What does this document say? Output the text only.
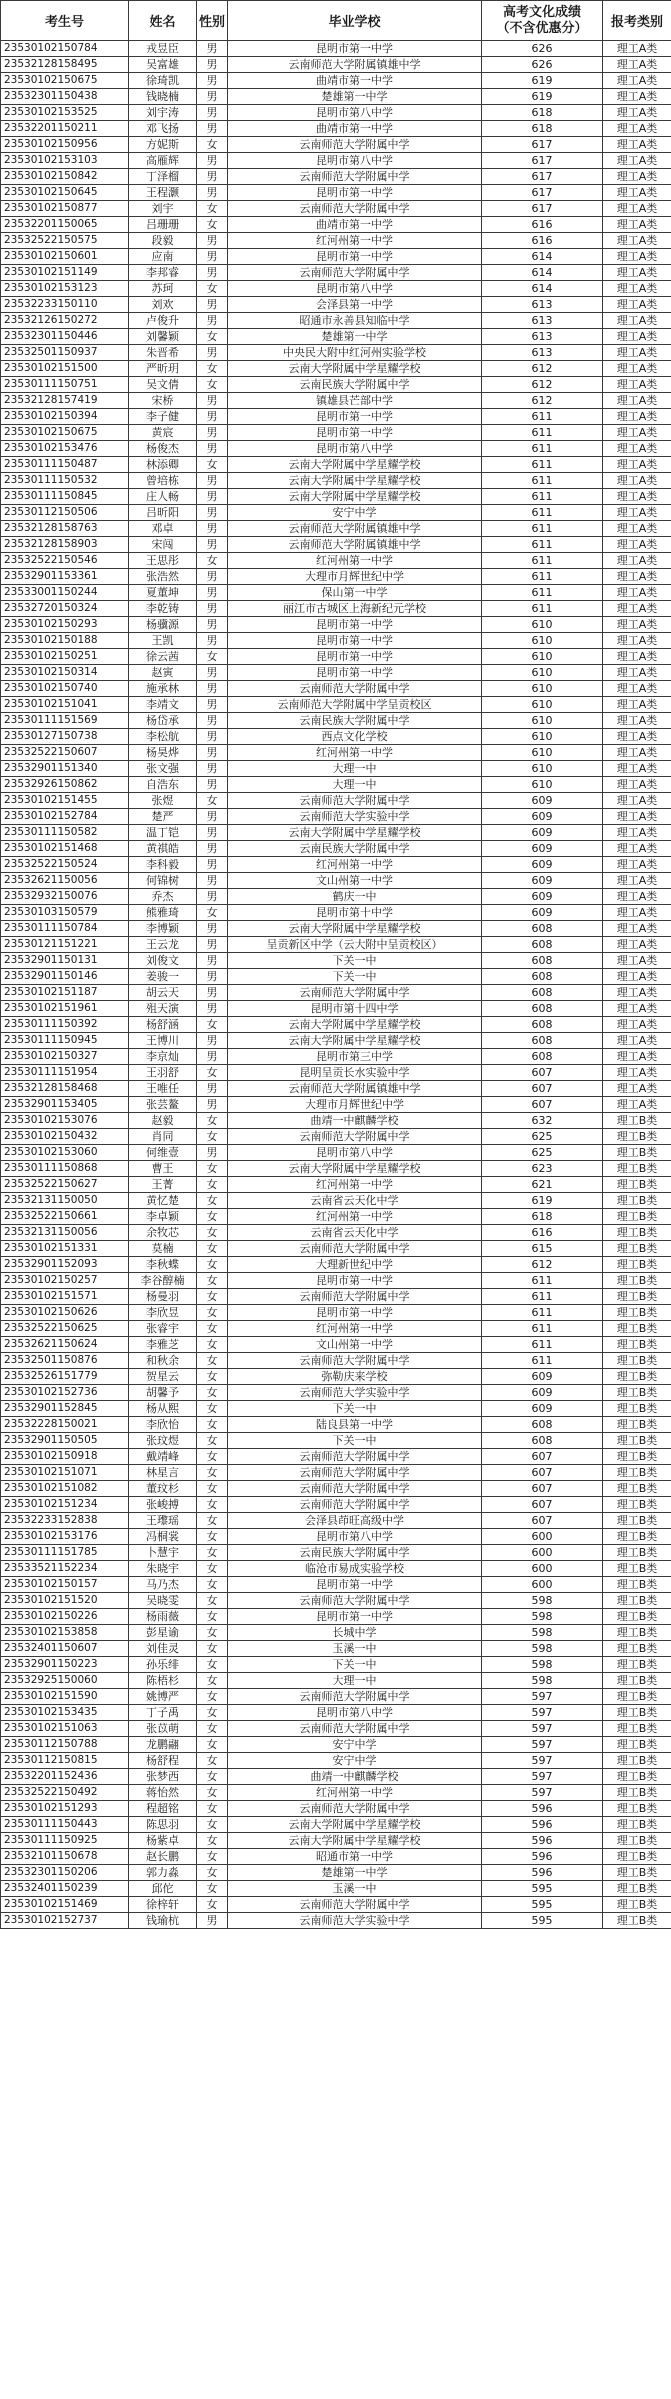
考生号	姓名	性别	毕业学校	高考文化成绩
（不含优惠分）	报考类别
23530102150784	戎昱臣	男	昆明市第一中学	626	理工A类
23532128158495	吴富雄	男	云南师范大学附属镇雄中学	626	理工A类
23530102150675	徐琦凯	男	曲靖市第一中学	619	理工A类
23532301150438	钱晓楠	男	楚雄第一中学	619	理工A类
23530102153525	刘宇涛	男	昆明市第八中学	618	理工A类
23532201150211	邓飞扬	男	曲靖市第一中学	618	理工A类
23530102150956	方妮斯	女	云南师范大学附属中学	617	理工A类
23530102153103	高雁辉	男	昆明市第八中学	617	理工A类
23530102150842	丁泽榴	男	云南师范大学附属中学	617	理工A类
23530102150645	王程灏	男	昆明市第一中学	617	理工A类
23530102150877	刘宇	女	云南师范大学附属中学	617	理工A类
23532201150065	吕珊珊	女	曲靖市第一中学	616	理工A类
23532522150575	段毅	男	红河州第一中学	616	理工A类
23530102150601	应南	男	昆明市第一中学	614	理工A类
23530102151149	李邦睿	男	云南师范大学附属中学	614	理工A类
23530102153123	苏珂	女	昆明市第八中学	614	理工A类
23532233150110	刘欢	男	会泽县第一中学	613	理工A类
23532126150272	卢俊升	男	昭通市永善县知临中学	613	理工A类
23532301150446	刘馨颖	女	楚雄第一中学	613	理工A类
23532501150937	朱晋希	男	中央民大附中红河州实验学校	613	理工A类
23530102151500	严昕玥	女	云南大学附属中学星耀学校	612	理工A类
23530111150751	吴文倩	女	云南民族大学附属中学	612	理工A类
23532128157419	宋桥	男	镇雄县芒部中学	612	理工A类
23530102150394	李子健	男	昆明市第一中学	611	理工A类
23530102150675	黄宸	男	昆明市第一中学	611	理工A类
23530102153476	杨俊杰	男	昆明市第八中学	611	理工A类
23530111150487	林添卿	女	云南大学附属中学星耀学校	611	理工A类
23530111150532	曾培栋	男	云南大学附属中学星耀学校	611	理工A类
23530111150845	庄人畅	男	云南大学附属中学星耀学校	611	理工A类
23530112150506	吕昕阳	男	安宁中学	611	理工A类
23532128158763	邓卓	男	云南师范大学附属镇雄中学	611	理工A类
23532128158903	宋闯	男	云南师范大学附属镇雄中学	611	理工A类
23532522150546	王思彤	女	红河州第一中学	611	理工A类
23532901153361	张浩然	男	大理市月辉世纪中学	611	理工A类
23533001150244	夏董坤	男	保山第一中学	611	理工A类
23532720150324	李乾铸	男	丽江市古城区上海新纪元学校	611	理工A类
23530102150293	杨骥源	男	昆明市第一中学	610	理工A类
23530102150188	王凯	男	昆明市第一中学	610	理工A类
23530102150251	徐云茜	女	昆明市第一中学	610	理工A类
23530102150314	赵寅	男	昆明市第一中学	610	理工A类
23530102150740	施承林	男	云南师范大学附属中学	610	理工A类
23530102151041	李靖文	男	云南师范大学附属中学呈贡校区	610	理工A类
23530111151569	杨岱承	男	云南民族大学附属中学	610	理工A类
23530127150738	李松航	男	西点文化学校	610	理工A类
23532522150607	杨昊烨	男	红河州第一中学	610	理工A类
23532901151340	张文强	男	大理一中	610	理工A类
23532926150862	自浩东	男	大理一中	610	理工A类
23530102151455	张煜	女	云南师范大学附属中学	609	理工A类
23530102152784	楚严	男	云南师范大学实验中学	609	理工A类
23530111150582	温丁铠	男	云南大学附属中学星耀学校	609	理工A类
23530102151468	黄祺皓	男	云南民族大学附属中学	609	理工A类
23532522150524	李科毅	男	红河州第一中学	609	理工A类
23532621150056	何锦树	男	文山州第一中学	609	理工A类
23532932150076	乔杰	男	鹤庆一中	609	理工A类
23530103150579	熊雅琦	女	昆明市第十中学	609	理工A类
23530111150784	李博颖	男	云南大学附属中学星耀学校	608	理工A类
23530121151221	王云龙	男	呈贡新区中学（云大附中呈贡校区）	608	理工A类
23532901150131	刘俊文	男	下关一中	608	理工A类
23532901150146	姜骏一	男	下关一中	608	理工A类
23530102151187	胡云天	男	云南师范大学附属中学	608	理工A类
23530102151961	殂天演	男	昆明市第十四中学	608	理工A类
23530111150392	杨舒涵	女	云南大学附属中学星耀学校	608	理工A类
23530111150945	王博川	男	云南大学附属中学星耀学校	608	理工A类
23530102150327	李京灿	男	昆明市第三中学	608	理工A类
23530111151954	王羽舒	女	昆明呈贡长水实验中学	607	理工A类
23532128158468	王唯任	男	云南师范大学附属镇雄中学	607	理工A类
23532901153405	张芸鳌	男	大理市月辉世纪中学	607	理工A类
23530102153076	赵毅	女	曲靖一中麒麟学校	632	理工B类
23530102150432	肖同	女	云南师范大学附属中学	625	理工B类
23530102153060	何维壹	男	昆明市第八中学	625	理工B类
23530111150868	曹王	女	云南大学附属中学星耀学校	623	理工B类
23532522150627	王菁	女	红河州第一中学	621	理工B类
23532131150050	黄忆楚	女	云南省云天化中学	619	理工B类
23532522150661	李卓颖	女	红河州第一中学	618	理工B类
23532131150056	余牧芯	女	云南省云天化中学	616	理工B类
23530102151331	莫楠	女	云南师范大学附属中学	615	理工B类
23532901152093	李秋蝶	女	大理新世纪中学	612	理工B类
23530102150257	李谷醇楠	女	昆明市第一中学	611	理工B类
23530102151571	杨曼羽	女	云南师范大学附属中学	611	理工B类
23530102150626	李欣昱	女	昆明市第一中学	611	理工B类
23532522150625	张睿宇	女	红河州第一中学	611	理工B类
23532621150624	李雅芝	女	文山州第一中学	611	理工B类
23532501150876	和秋余	女	云南师范大学附属中学	611	理工B类
23532526151779	贺星云	女	弥勒庆来学校	609	理工B类
23530102152736	胡馨予	女	云南师范大学实验中学	609	理工B类
23532901152845	杨从熙	女	下关一中	609	理工B类
23532228150021	李欣怡	女	陆良县第一中学	608	理工B类
23532901150505	张玟煜	女	下关一中	608	理工B类
23530102150918	戴靖峰	女	云南师范大学附属中学	607	理工B类
23530102151071	林星言	女	云南师范大学附属中学	607	理工B类
23530102151082	董玟杉	女	云南师范大学附属中学	607	理工B类
23530102151234	张峻搏	女	云南师范大学附属中学	607	理工B类
23532233152838	王瓈瑶	女	会泽县茚旺高级中学	607	理工B类
23530102153176	冯桐裳	女	昆明市第八中学	600	理工B类
23530111151785	卜慧宇	女	云南民族大学附属中学	600	理工B类
23533521152234	朱晓宇	女	临沧市易成实验学校	600	理工B类
23530102150157	马乃杰	女	昆明市第一中学	600	理工B类
23530102151520	吴晓雯	女	云南师范大学附属中学	598	理工B类
23530102150226	杨雨薇	女	昆明市第一中学	598	理工B类
23530102153858	彭星谕	女	长城中学	598	理工B类
23532401150607	刘佳灵	女	玉溪一中	598	理工B类
23532901150223	孙乐绯	女	下关一中	598	理工B类
23532925150060	陈梧杉	女	大理一中	598	理工B类
23530102151590	姚博严	女	云南师范大学附属中学	597	理工B类
23530102153435	丁子禹	女	昆明市第八中学	597	理工B类
23530102151063	张苡萌	女	云南师范大学附属中学	597	理工B类
23530112150788	龙鹏翮	女	安宁中学	597	理工B类
23530112150815	杨舒程	女	安宁中学	597	理工B类
23532201152436	张梦西	女	曲靖一中麒麟学校	597	理工B类
23532522150492	蒋怡然	女	红河州第一中学	597	理工B类
23530102151293	程超铭	女	云南师范大学附属中学	596	理工B类
23530111150443	陈思羽	女	云南大学附属中学星耀学校	596	理工B类
23530111150925	杨紫卓	女	云南大学附属中学星耀学校	596	理工B类
23532101150678	赵长鹏	女	昭通市第一中学	596	理工B类
23532301150206	郭力淼	女	楚雄第一中学	596	理工B类
23532401150239	邱佗	女	玉溪一中	595	理工B类
23530102151469	徐梓轩	女	云南师范大学附属中学	595	理工B类
23530102152737	钱瑜杭	男	云南师范大学实验中学	595	理工B类
